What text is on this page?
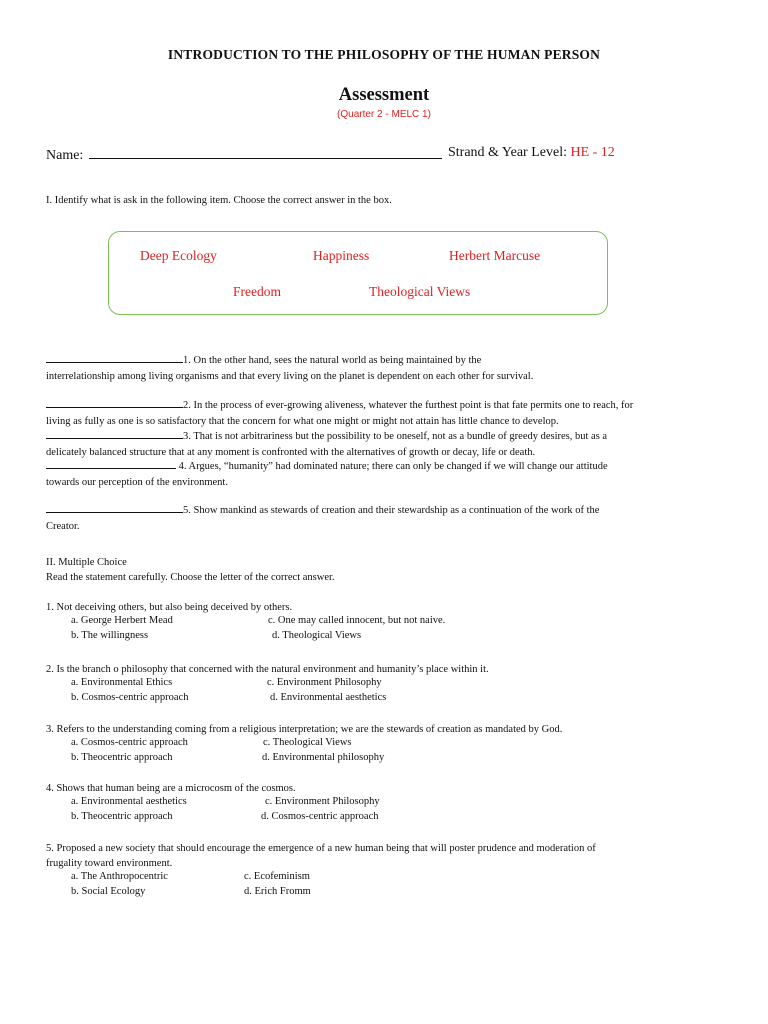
INTRODUCTION TO THE PHILOSOPHY OF THE HUMAN PERSON
Assessment
(Quarter 2 - MELC 1)
Name:	Strand & Year Level: HE - 12
I. Identify what is ask in the following item. Choose the correct answer in the box.
Deep Ecology	Happiness	Herbert Marcuse
Freedom	Theological Views
1. On the other hand, sees the natural world as being maintained by the
interrelationship among living organisms and that every living on the planet is dependent on each other for survival.
2. In the process of ever-growing aliveness, whatever the furthest point is that fate permits one to reach, for
living as fully as one is so satisfactory that the concern for what one might or might not attain has little chance to develop.
3. That is not arbitrariness but the possibility to be oneself, not as a bundle of greedy desires, but as a
delicately balanced structure that at any moment is confronted with the alternatives of growth or decay, life or death.
4. Argues, “humanity” had dominated nature; there can only be changed if we will change our attitude
towards our perception of the environment.
5. Show mankind as stewards of creation and their stewardship as a continuation of the work of the
Creator.
II. Multiple Choice
Read the statement carefully. Choose the letter of the correct answer.
1. Not deceiving others, but also being deceived by others.
a. George Herbert Mead	c. One may called innocent, but not naive.
b. The willingness	d. Theological Views
2. Is the branch o philosophy that concerned with the natural environment and humanity’s place within it.
a. Environmental Ethics	c. Environment Philosophy
b. Cosmos-centric approach	d. Environmental aesthetics
3. Refers to the understanding coming from a religious interpretation; we are the stewards of creation as mandated by God.
a. Cosmos-centric approach	c. Theological Views
b. Theocentric approach	d. Environmental philosophy
4. Shows that human being are a microcosm of the cosmos.
a. Environmental aesthetics	c. Environment Philosophy
b. Theocentric approach	d. Cosmos-centric approach
5. Proposed a new society that should encourage the emergence of a new human being that will poster prudence and moderation of
frugality toward environment.
a. The Anthropocentric	c. Ecofeminism
b. Social Ecology	d. Erich Fromm
